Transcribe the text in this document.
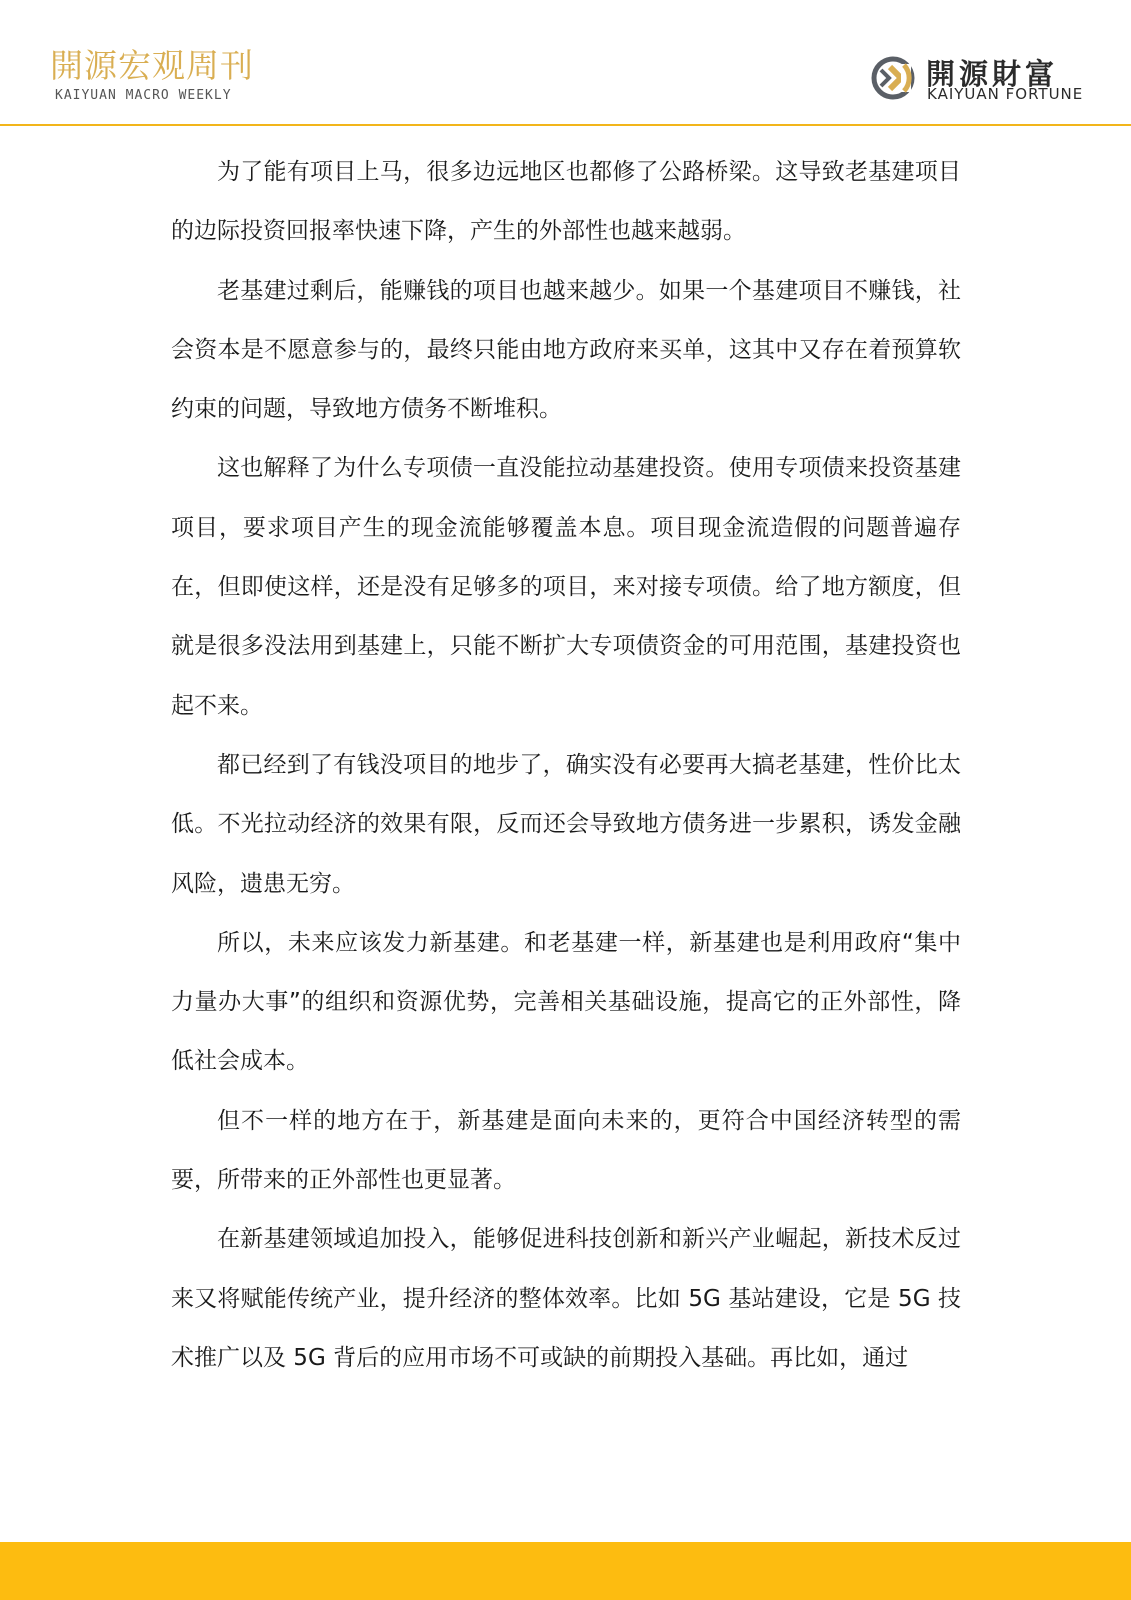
開源宏观周刊
KAIYUAN MACRO WEEKLY
開源財富
KAIYUAN FORTUNE

为了能有项目上马，很多边远地区也都修了公路桥梁。这导致老基建项目的边际投资回报率快速下降，产生的外部性也越来越弱。

老基建过剩后，能赚钱的项目也越来越少。如果一个基建项目不赚钱，社会资本是不愿意参与的，最终只能由地方政府来买单，这其中又存在着预算软约束的问题，导致地方债务不断堆积。

这也解释了为什么专项债一直没能拉动基建投资。使用专项债来投资基建项目，要求项目产生的现金流能够覆盖本息。项目现金流造假的问题普遍存在，但即使这样，还是没有足够多的项目，来对接专项债。给了地方额度，但就是很多没法用到基建上，只能不断扩大专项债资金的可用范围，基建投资也起不来。

都已经到了有钱没项目的地步了，确实没有必要再大搞老基建，性价比太低。不光拉动经济的效果有限，反而还会导致地方债务进一步累积，诱发金融风险，遗患无穷。

所以，未来应该发力新基建。和老基建一样，新基建也是利用政府“集中力量办大事”的组织和资源优势，完善相关基础设施，提高它的正外部性，降低社会成本。

但不一样的地方在于，新基建是面向未来的，更符合中国经济转型的需要，所带来的正外部性也更显著。

在新基建领域追加投入，能够促进科技创新和新兴产业崛起，新技术反过来又将赋能传统产业，提升经济的整体效率。比如 5G 基站建设，它是 5G 技术推广以及 5G 背后的应用市场不可或缺的前期投入基础。再比如，通过
